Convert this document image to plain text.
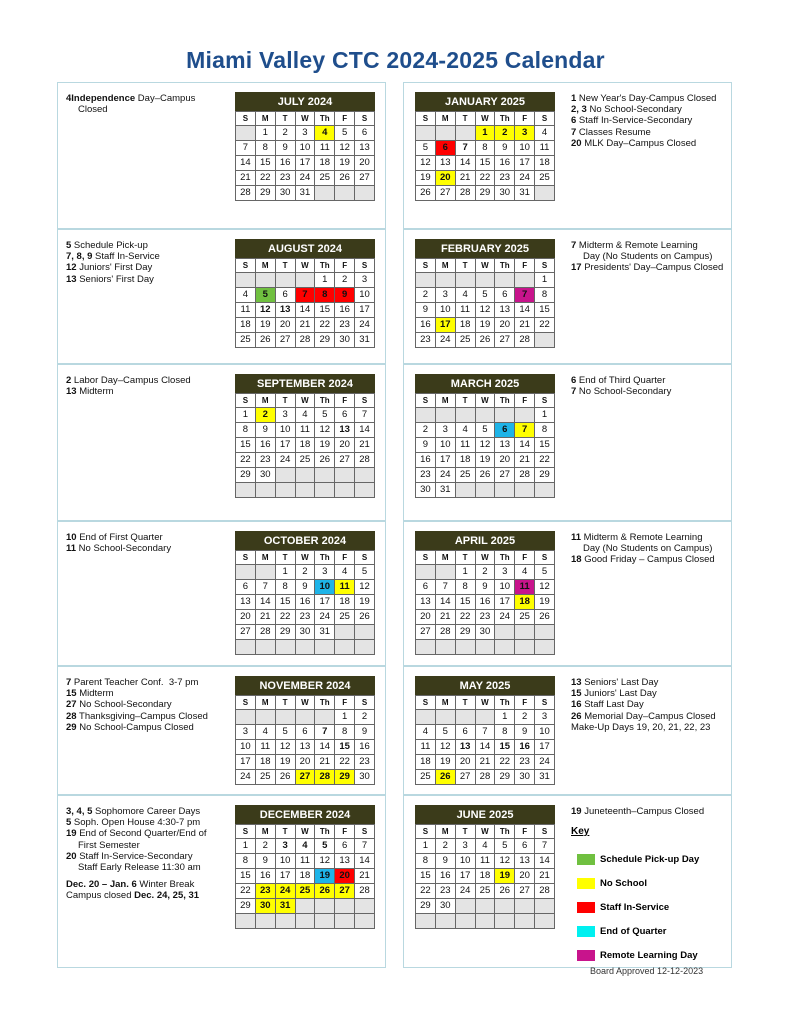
Miami Valley CTC 2024-2025 Calendar
4Independence Day–Campus
Closed
JULY 2024
S	M	T	W	Th	F	S
	1	2	3	4	5	6
7	8	9	10	11	12	13
14	15	16	17	18	19	20
21	22	23	24	25	26	27
28	29	30	31			
1 New Year's Day-Campus Closed
2, 3 No School-Secondary
6 Staff In-Service-Secondary
7 Classes Resume
20 MLK Day–Campus Closed
JANUARY 2025
S	M	T	W	Th	F	S
			1	2	3	4
5	6	7	8	9	10	11
12	13	14	15	16	17	18
19	20	21	22	23	24	25
26	27	28	29	30	31	
5 Schedule Pick-up
7, 8, 9 Staff In-Service
12 Juniors' First Day
13 Seniors' First Day
AUGUST 2024
S	M	T	W	Th	F	S
				1	2	3
4	5	6	7	8	9	10
11	12	13	14	15	16	17
18	19	20	21	22	23	24
25	26	27	28	29	30	31
7 Midterm & Remote Learning
Day (No Students on Campus)
17 Presidents' Day–Campus Closed
FEBRUARY 2025
S	M	T	W	Th	F	S
						1
2	3	4	5	6	7	8
9	10	11	12	13	14	15
16	17	18	19	20	21	22
23	24	25	26	27	28	
2 Labor Day–Campus Closed
13 Midterm
SEPTEMBER 2024
S	M	T	W	Th	F	S
1	2	3	4	5	6	7
8	9	10	11	12	13	14
15	16	17	18	19	20	21
22	23	24	25	26	27	28
29	30					

6 End of Third Quarter
7 No School-Secondary
MARCH 2025
S	M	T	W	Th	F	S
						1
2	3	4	5	6	7	8
9	10	11	12	13	14	15
16	17	18	19	20	21	22
23	24	25	26	27	28	29
30	31					
10 End of First Quarter
11 No School-Secondary
OCTOBER 2024
S	M	T	W	Th	F	S
		1	2	3	4	5
6	7	8	9	10	11	12
13	14	15	16	17	18	19
20	21	22	23	24	25	26
27	28	29	30	31		

11 Midterm & Remote Learning
Day (No Students on Campus)
18 Good Friday – Campus Closed
APRIL 2025
S	M	T	W	Th	F	S
		1	2	3	4	5
6	7	8	9	10	11	12
13	14	15	16	17	18	19
20	21	22	23	24	25	26
27	28	29	30			

7 Parent Teacher Conf.  3-7 pm
15 Midterm
27 No School-Secondary
28 Thanksgiving–Campus Closed
29 No School-Campus Closed
NOVEMBER 2024
S	M	T	W	Th	F	S
					1	2
3	4	5	6	7	8	9
10	11	12	13	14	15	16
17	18	19	20	21	22	23
24	25	26	27	28	29	30
13 Seniors' Last Day
15 Juniors' Last Day
16 Staff Last Day
26 Memorial Day–Campus Closed
Make-Up Days 19, 20, 21, 22, 23
MAY 2025
S	M	T	W	Th	F	S
				1	2	3
4	5	6	7	8	9	10
11	12	13	14	15	16	17
18	19	20	21	22	23	24
25	26	27	28	29	30	31
3, 4, 5 Sophomore Career Days
5 Soph. Open House 4:30-7 pm
19 End of Second Quarter/End of
First Semester
20 Staff In-Service-Secondary
Staff Early Release 11:30 am
Dec. 20 – Jan. 6 Winter Break
Campus closed Dec. 24, 25, 31
DECEMBER 2024
S	M	T	W	Th	F	S
1	2	3	4	5	6	7
8	9	10	11	12	13	14
15	16	17	18	19	20	21
22	23	24	25	26	27	28
29	30	31				

19 Juneteenth–Campus Closed
JUNE 2025
S	M	T	W	Th	F	S
1	2	3	4	5	6	7
8	9	10	11	12	13	14
15	16	17	18	19	20	21
22	23	24	25	26	27	28
29	30					

Key
Schedule Pick-up Day
No School
Staff In-Service
End of Quarter
Remote Learning Day
Board Approved 12-12-2023
